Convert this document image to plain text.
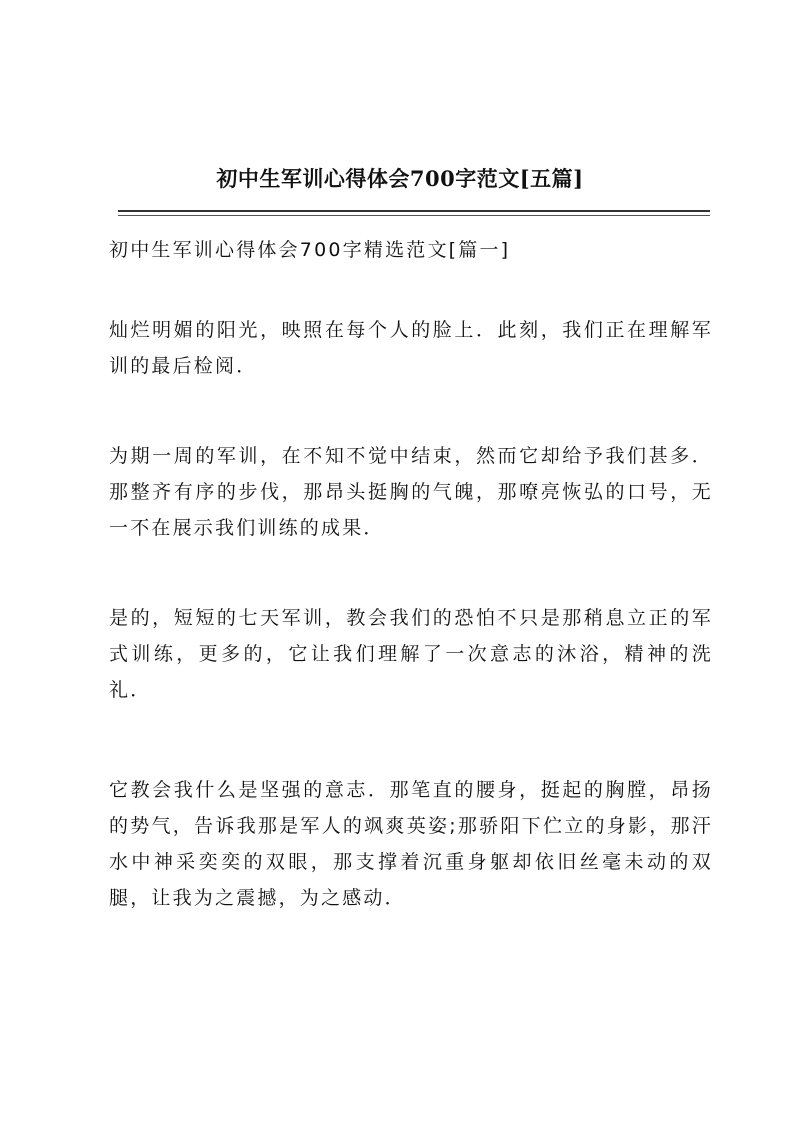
初中生军训心得体会700字范文[五篇]
初中生军训心得体会700字精选范文[篇一]
灿烂明媚的阳光，映照在每个人的脸上．此刻，我们正在理解军训的最后检阅．
为期一周的军训，在不知不觉中结束，然而它却给予我们甚多．那整齐有序的步伐，那昂头挺胸的气魄，那嘹亮恢弘的口号，无一不在展示我们训练的成果．
是的，短短的七天军训，教会我们的恐怕不只是那稍息立正的军式训练，更多的，它让我们理解了一次意志的沐浴，精神的洗礼．
它教会我什么是坚强的意志．那笔直的腰身，挺起的胸膛，昂扬的势气，告诉我那是军人的飒爽英姿;那骄阳下伫立的身影，那汗水中神采奕奕的双眼，那支撑着沉重身躯却依旧丝毫未动的双腿，让我为之震撼，为之感动．
